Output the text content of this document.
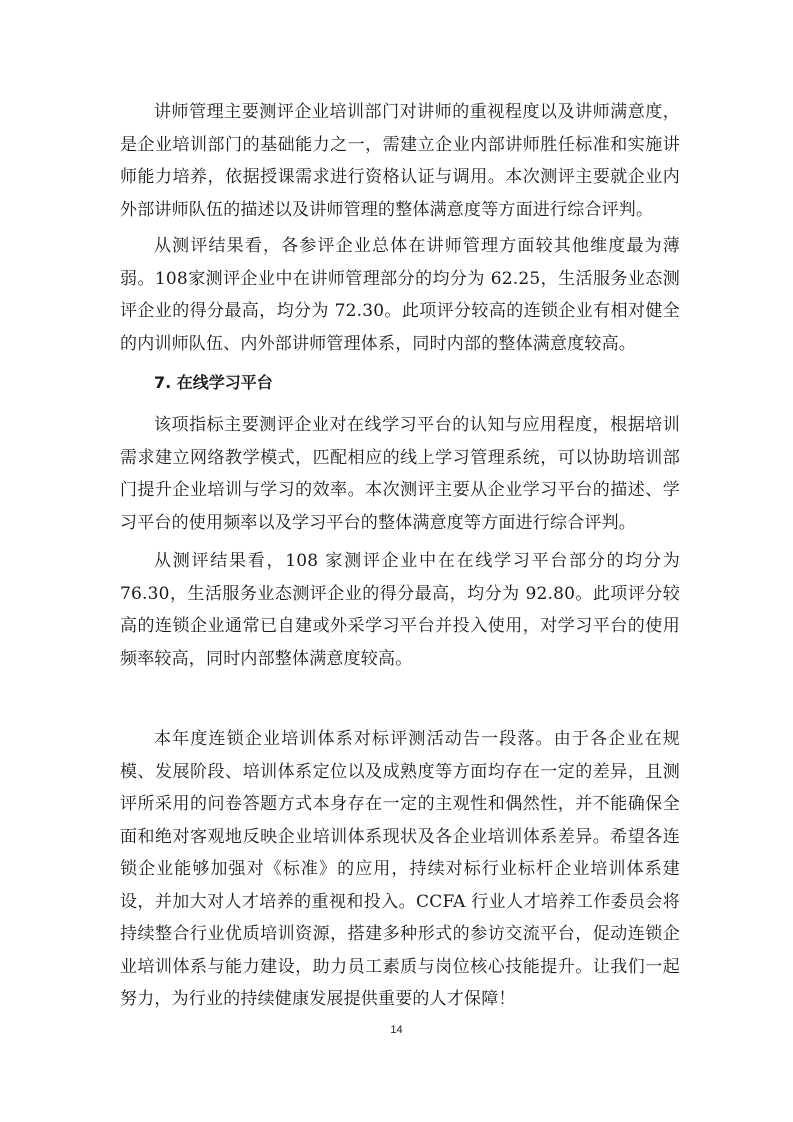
讲师管理主要测评企业培训部门对讲师的重视程度以及讲师满意度，是企业培训部门的基础能力之一，需建立企业内部讲师胜任标准和实施讲师能力培养，依据授课需求进行资格认证与调用。本次测评主要就企业内外部讲师队伍的描述以及讲师管理的整体满意度等方面进行综合评判。

从测评结果看，各参评企业总体在讲师管理方面较其他维度最为薄弱。108家测评企业中在讲师管理部分的均分为 62.25，生活服务业态测评企业的得分最高，均分为 72.30。此项评分较高的连锁企业有相对健全的内训师队伍、内外部讲师管理体系，同时内部的整体满意度较高。

7. 在线学习平台

该项指标主要测评企业对在线学习平台的认知与应用程度，根据培训需求建立网络教学模式，匹配相应的线上学习管理系统，可以协助培训部门提升企业培训与学习的效率。本次测评主要从企业学习平台的描述、学习平台的使用频率以及学习平台的整体满意度等方面进行综合评判。

从测评结果看，108 家测评企业中在在线学习平台部分的均分为 76.30，生活服务业态测评企业的得分最高，均分为 92.80。此项评分较高的连锁企业通常已自建或外采学习平台并投入使用，对学习平台的使用频率较高，同时内部整体满意度较高。

本年度连锁企业培训体系对标评测活动告一段落。由于各企业在规模、发展阶段、培训体系定位以及成熟度等方面均存在一定的差异，且测评所采用的问卷答题方式本身存在一定的主观性和偶然性，并不能确保全面和绝对客观地反映企业培训体系现状及各企业培训体系差异。希望各连锁企业能够加强对《标准》的应用，持续对标行业标杆企业培训体系建设，并加大对人才培养的重视和投入。CCFA 行业人才培养工作委员会将持续整合行业优质培训资源，搭建多种形式的参访交流平台，促动连锁企业培训体系与能力建设，助力员工素质与岗位核心技能提升。让我们一起努力，为行业的持续健康发展提供重要的人才保障！

14
